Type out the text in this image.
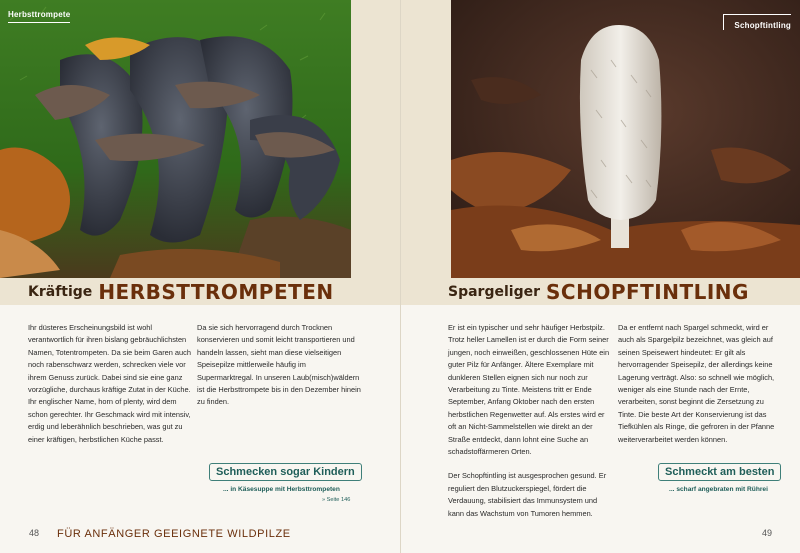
Herbsttrompete
Kräftige HERBSTTROMPETEN

Ihr düsteres Erscheinungsbild ist wohl verantwortlich für ihren bislang gebräuchlichsten Namen, Totentrompeten. Da sie beim Garen auch noch rabenschwarz werden, schrecken viele vor ihrem Genuss zurück. Dabei sind sie eine ganz vorzügliche, durchaus kräftige Zutat in der Küche. Ihr englischer Name, horn of plenty, wird dem schon gerechter. Ihr Geschmack wird mit intensiv, erdig und leberähnlich beschrieben, was gut zu einer kräftigen, herbstlichen Küche passt.

Da sie sich hervorragend durch Trocknen konservieren und somit leicht transportieren und handeln lassen, sieht man diese vielseitigen Speisepilze mittlerweile häufig im Supermarktregal. In unseren Laub(misch)wäldern ist die Herbsttrompete bis in den Dezember hinein zu finden.

Schmecken sogar Kindern
... in Käsesuppe mit Herbsttrompeten
» Seite 146
48 FÜR ANFÄNGER GEEIGNETE WILDPILZE
Schopftintling
Spargeliger SCHOPFTINTLING

Er ist ein typischer und sehr häufiger Herbstpilz. Trotz heller Lamellen ist er durch die Form seiner jungen, noch einweißen, geschlossenen Hüte ein guter Pilz für Anfänger. Ältere Exemplare mit dunkleren Stellen eignen sich nur noch zur Verarbeitung zu Tinte. Meistens tritt er Ende September, Anfang Oktober nach den ersten herbstlichen Regenwetter auf. Als erstes wird er oft an Nicht-Sammelstellen wie direkt an der Straße entdeckt, dann lohnt eine Suche an schadstoffärmeren Orten.

Der Schopftintling ist ausgesprochen gesund. Er reguliert den Blutzuckerspiegel, fördert die Verdauung, stabilisiert das Immunsystem und kann das Wachstum von Tumoren hemmen.

Da er entfernt nach Spargel schmeckt, wird er auch als Spargelpilz bezeichnet, was gleich auf seinen Speisewert hindeutet: Er gilt als hervorragender Speisepilz, der allerdings keine Lagerung verträgt. Also: so schnell wie möglich, weniger als eine Stunde nach der Ernte, verarbeiten, sonst beginnt die Zersetzung zu Tinte. Die beste Art der Konservierung ist das Tiefkühlen als Ringe, die gefroren in der Pfanne weiterverarbeitet werden können.

Schmeckt am besten
... scharf angebraten mit Rührei
49
